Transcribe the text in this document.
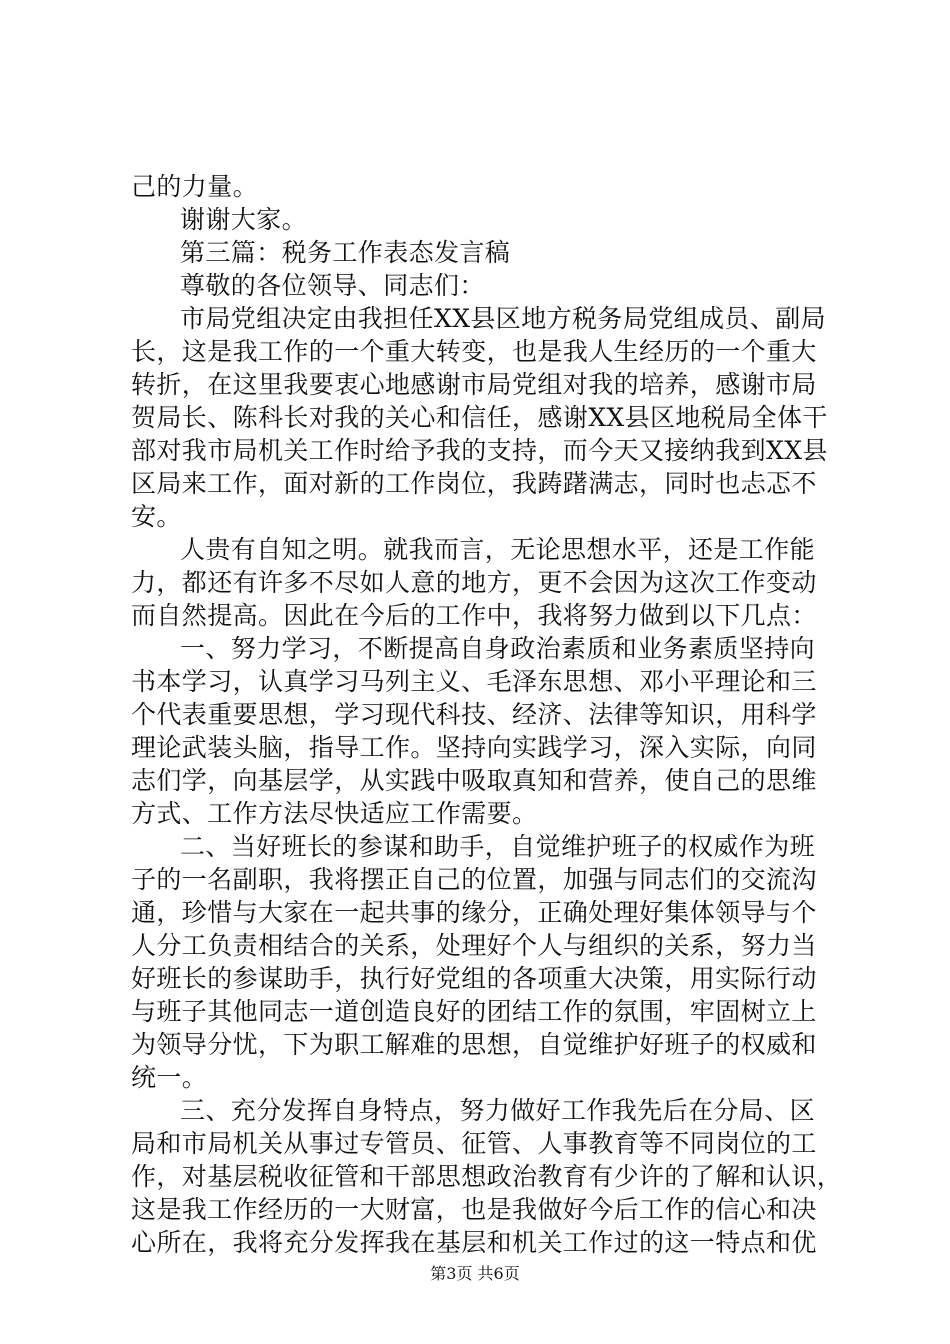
己的力量。
谢谢大家。
第三篇：税务工作表态发言稿
尊敬的各位领导、同志们：
市局党组决定由我担任XX县区地方税务局党组成员、副局
长，这是我工作的一个重大转变，也是我人生经历的一个重大
转折，在这里我要衷心地感谢市局党组对我的培养，感谢市局
贺局长、陈科长对我的关心和信任，感谢XX县区地税局全体干
部对我市局机关工作时给予我的支持，而今天又接纳我到XX县
区局来工作，面对新的工作岗位，我踌躇满志，同时也忐忑不
安。
人贵有自知之明。就我而言，无论思想水平，还是工作能
力，都还有许多不尽如人意的地方，更不会因为这次工作变动
而自然提高。因此在今后的工作中，我将努力做到以下几点：
一、努力学习，不断提高自身政治素质和业务素质坚持向
书本学习，认真学习马列主义、毛泽东思想、邓小平理论和三
个代表重要思想，学习现代科技、经济、法律等知识，用科学
理论武装头脑，指导工作。坚持向实践学习，深入实际，向同
志们学，向基层学，从实践中吸取真知和营养，使自己的思维
方式、工作方法尽快适应工作需要。
二、当好班长的参谋和助手，自觉维护班子的权威作为班
子的一名副职，我将摆正自己的位置，加强与同志们的交流沟
通，珍惜与大家在一起共事的缘分，正确处理好集体领导与个
人分工负责相结合的关系，处理好个人与组织的关系，努力当
好班长的参谋助手，执行好党组的各项重大决策，用实际行动
与班子其他同志一道创造良好的团结工作的氛围，牢固树立上
为领导分忧，下为职工解难的思想，自觉维护好班子的权威和
统一。
三、充分发挥自身特点，努力做好工作我先后在分局、区
局和市局机关从事过专管员、征管、人事教育等不同岗位的工
作，对基层税收征管和干部思想政治教育有少许的了解和认识，
这是我工作经历的一大财富，也是我做好今后工作的信心和决
心所在，我将充分发挥我在基层和机关工作过的这一特点和优
第3页 共6页
